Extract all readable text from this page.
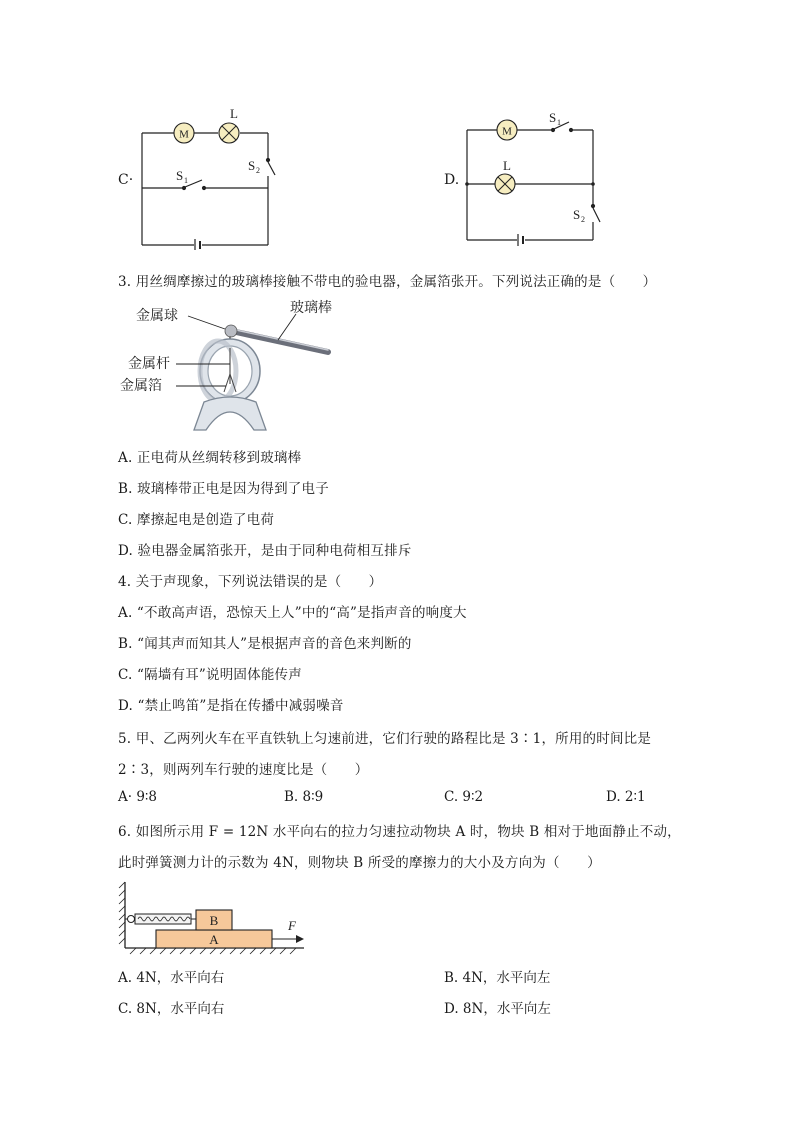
C·
M
L
S 1
S 2
D.
M
L
S 1
S 2
3. 用丝绸摩擦过的玻璃棒接触不带电的验电器，金属箔张开。下列说法正确的是（　　）
金属球	玻璃棒
金属杆
金属箔
A. 正电荷从丝绸转移到玻璃棒
B. 玻璃棒带正电是因为得到了电子
C. 摩擦起电是创造了电荷
D. 验电器金属箔张开，是由于同种电荷相互排斥
4. 关于声现象，下列说法错误的是（　　）
A. “不敢高声语，恐惊天上人”中的“高”是指声音的响度大
B. “闻其声而知其人”是根据声音的音色来判断的
C. “隔墙有耳”说明固体能传声
D. “禁止鸣笛”是指在传播中减弱噪音
5. 甲、乙两列火车在平直铁轨上匀速前进，它们行驶的路程比是 3∶1，所用的时间比是
2∶3，则两列车行驶的速度比是（　　）
A· 9∶8	B. 8∶9	C. 9∶2	D. 2∶1
6. 如图所示用 F = 12N 水平向右的拉力匀速拉动物块 A 时，物块 B 相对于地面静止不动，
此时弹簧测力计的示数为 4N，则物块 B 所受的摩擦力的大小及方向为（　　）
A
B	F
A. 4N，水平向右	B. 4N，水平向左
C. 8N，水平向右	D. 8N，水平向左
